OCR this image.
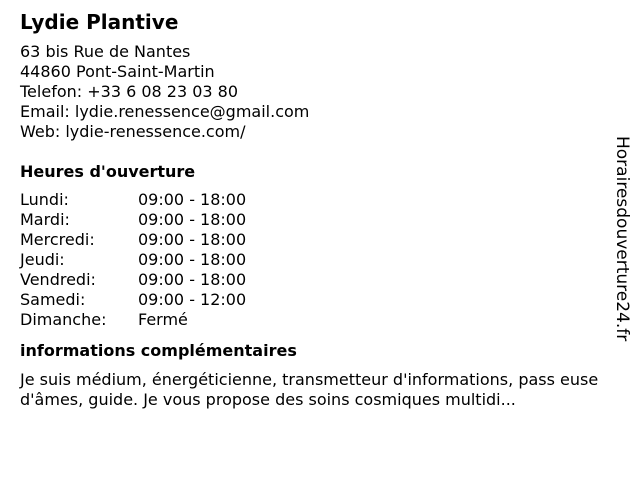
Lydie Plantive
63 bis Rue de Nantes
44860 Pont-Saint-Martin
Telefon: +33 6 08 23 03 80
Email: lydie.renessence@gmail.com
Web: lydie-renessence.com/
Heures d'ouverture
Lundi:	09:00 - 18:00
Mardi:	09:00 - 18:00
Mercredi:	09:00 - 18:00
Jeudi:	09:00 - 18:00
Vendredi:	09:00 - 18:00
Samedi:	09:00 - 12:00
Dimanche:	Fermé
informations complémentaires
Je suis médium, énergéticienne, transmetteur d'informations, pass euse d'âmes, guide. Je vous propose des soins cosmiques multidi...
Horairesdouverture24.fr
